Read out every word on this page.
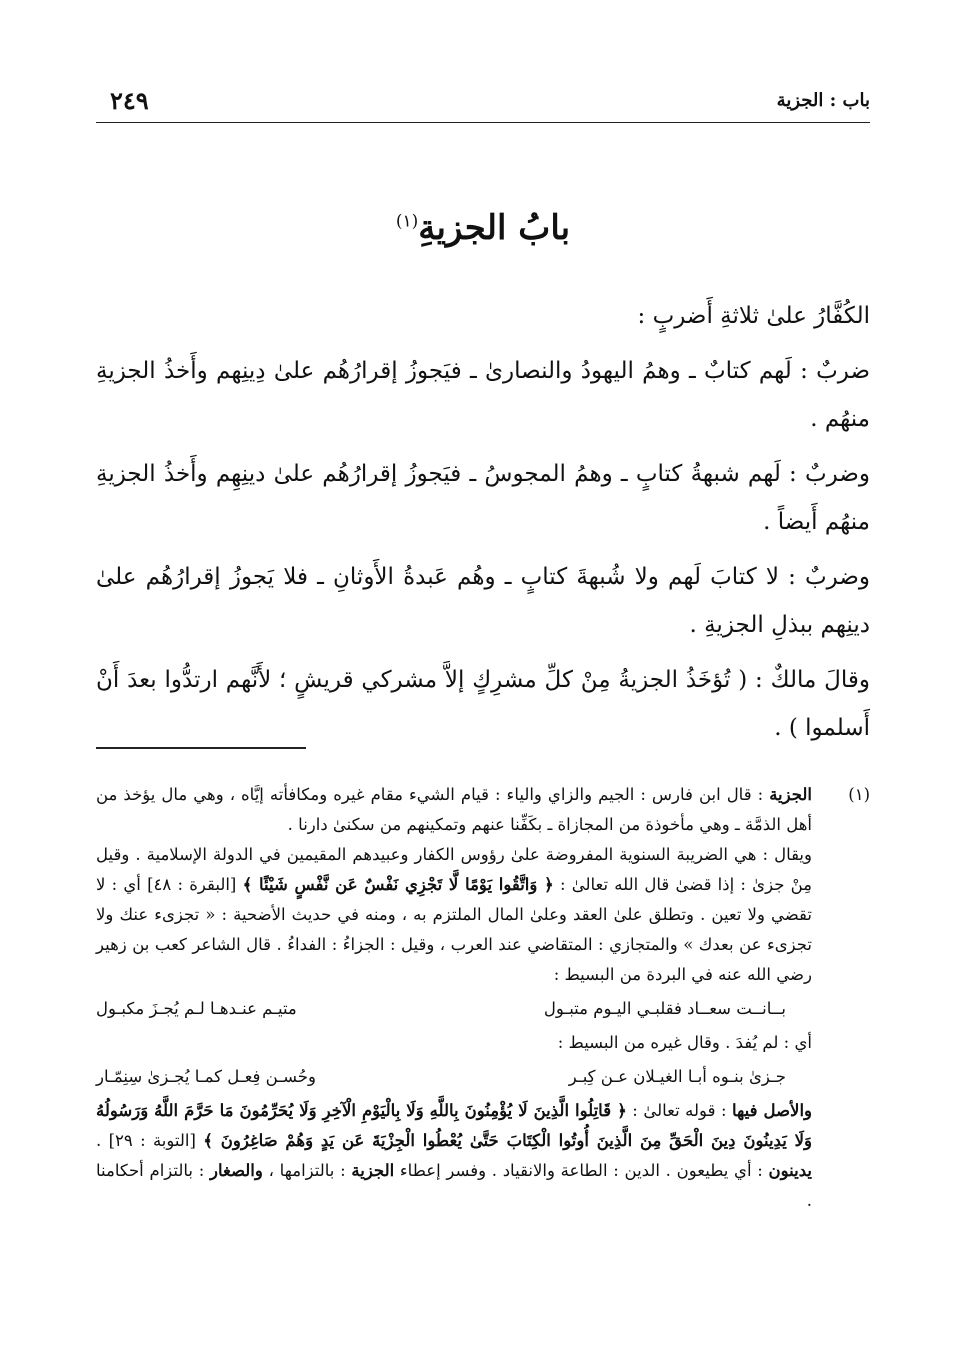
باب : الجزية
٢٤٩
بابُ الجزيةِ$^{(١)}$

الكُفَّارُ علىٰ ثلاثةِ أَضربٍ :

ضربٌ : لَهم كتابٌ ـ وهمُ اليهودُ والنصارىٰ ـ فيَجوزُ إقرارُهُم علىٰ دِينِهم وأَخذُ الجزيةِ منهُم .

وضربٌ : لَهم شبهةُ كتابٍ ـ وهمُ المجوسُ ـ فيَجوزُ إقرارُهُم علىٰ دينِهِم وأَخذُ الجزيةِ منهُم أَيضاً .

وضربٌ : لا كتابَ لَهم ولا شُبهةَ كتابٍ ـ وهُم عَبدةُ الأَوثانِ ـ فلا يَجوزُ إقرارُهُم علىٰ دينِهم ببذلِ الجزيةِ .

وقالَ مالكٌ : ( تُؤخَذُ الجزيةُ مِنْ كلِّ مشرِكٍ إلاَّ مشركي قريشٍ ؛ لأَنَّهم ارتدُّوا بعدَ أَنْ أَسلموا ) .

(١)

الجزية : قال ابن فارس : الجيم والزاي والياء : قيام الشيء مقام غيره ومكافأته إيَّاه ، وهي مال يؤخذ من أهل الذمَّة ـ وهي مأخوذة من المجازاة ـ بكَفِّنا عنهم وتمكينهم من سكنىٰ دارنا .

ويقال : هي الضريبة السنوية المفروضة علىٰ رؤوس الكفار وعبيدهم المقيمين في الدولة الإسلامية . وقيل مِنْ جزىٰ : إذا قضىٰ قال الله تعالىٰ : ﴿ وَاتَّقُوا يَوْمًا لَّا تَجْزِي نَفْسٌ عَن نَّفْسٍ شَيْئًا ﴾ [البقرة : ٤٨] أي : لا تقضي ولا تعين . وتطلق علىٰ العقد وعلىٰ المال الملتزم به ، ومنه في حديث الأضحية : « تجزىء عنك ولا تجزىء عن بعدك » والمتجازي : المتقاضي عند العرب ، وقيل : الجزاءُ : الفداءُ . قال الشاعر كعب بن زهير رضي الله عنه في البردة من البسيط :

بــانــت سعــاد فقلبـي اليـوم متبـول
متيـم عنـدهـا لـم يُجـزَ مكبـول

أي : لم يُفدَ . وقال غيره من البسيط :

جـزىٰ بنـوه أبـا الغيـلان عـن كِبـر
وحُسـن فِعـل كمـا يُجـزىٰ سِنِمّـار

والأصل فيها : قوله تعالىٰ : ﴿ قَاتِلُوا الَّذِينَ لَا يُؤْمِنُونَ بِاللَّهِ وَلَا بِالْيَوْمِ الْآخِرِ وَلَا يُحَرِّمُونَ مَا حَرَّمَ اللَّهُ وَرَسُولُهُ وَلَا يَدِينُونَ دِينَ الْحَقِّ مِنَ الَّذِينَ أُوتُوا الْكِتَابَ حَتَّىٰ يُعْطُوا الْجِزْيَةَ عَن يَدٍ وَهُمْ صَاغِرُونَ ﴾ [التوبة : ٢٩] . يدينون : أي يطيعون . الدين : الطاعة والانقياد . وفسر إعطاء الجزية : بالتزامها ، والصغار : بالتزام أحكامنا .
